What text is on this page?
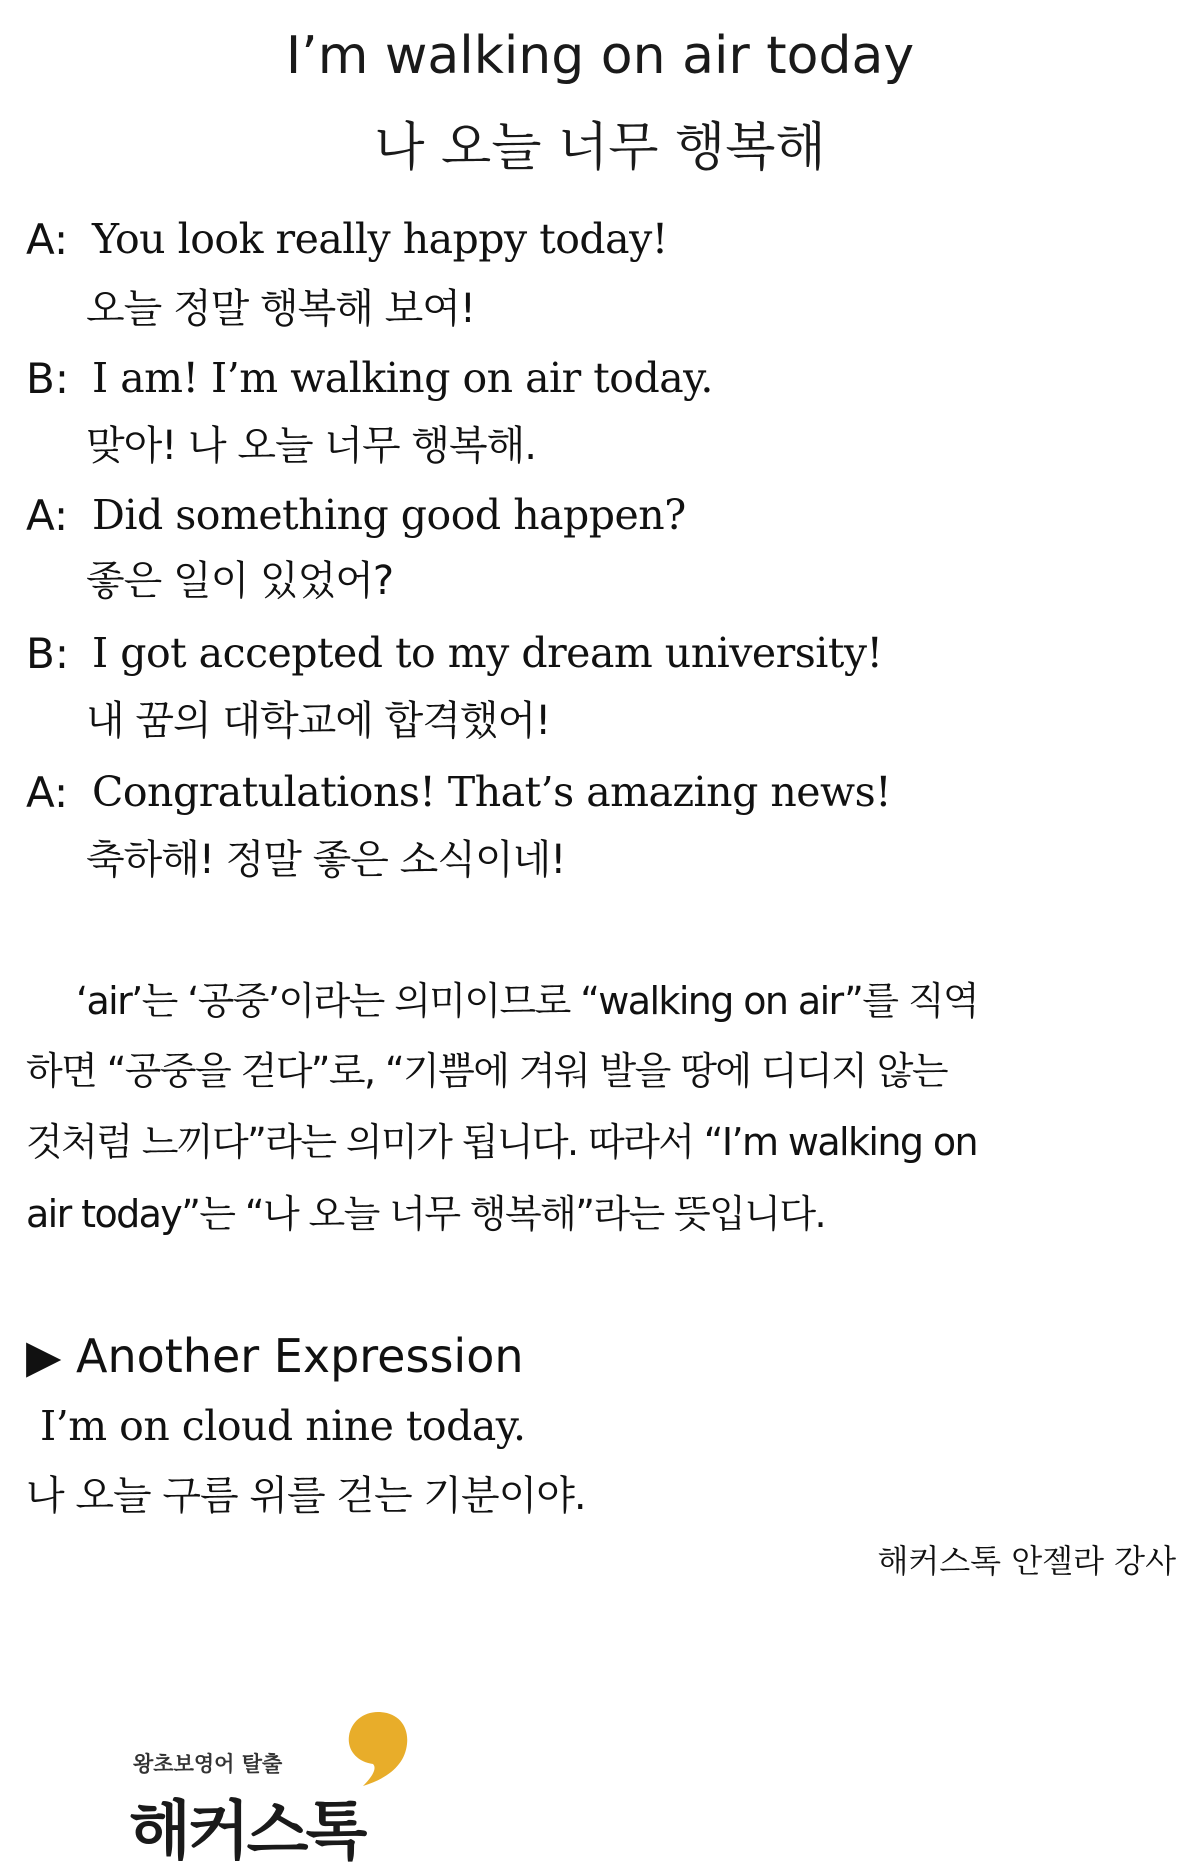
I’m walking on air today
나 오늘 너무 행복해
A: You look really happy today!
오늘 정말 행복해 보여!
B: I am! I’m walking on air today.
맞아! 나 오늘 너무 행복해.
A: Did something good happen?
좋은 일이 있었어?
B: I got accepted to my dream university!
내 꿈의 대학교에 합격했어!
A: Congratulations! That’s amazing news!
축하해! 정말 좋은 소식이네!
‘air’는 ‘공중’이라는 의미이므로 “walking on air”를 직역
하면 “공중을 걷다”로, “기쁨에 겨워 발을 땅에 디디지 않는
것처럼 느끼다”라는 의미가 됩니다. 따라서 “I’m walking on
air today”는 “나 오늘 너무 행복해”라는 뜻입니다.
▶ Another Expression
I’m on cloud nine today.
나 오늘 구름 위를 걷는 기분이야.
해커스톡 안젤라 강사
왕초보영어 탈출
해커스톡
